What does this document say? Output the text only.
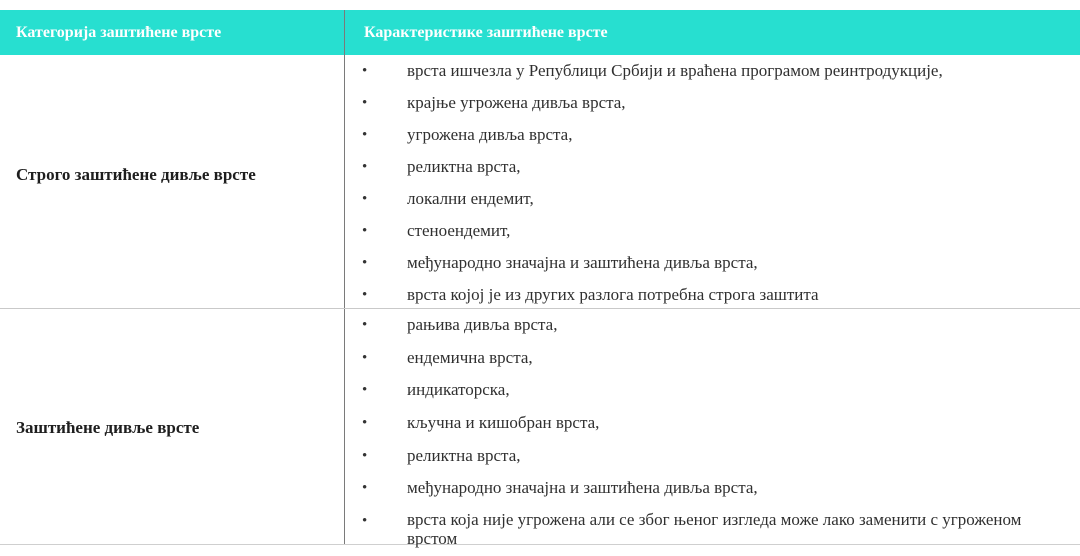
Категорија заштићене врсте	Карактеристике заштићене врсте
Строго заштићене дивље врсте
• врста ишчезла у Републици Србији и враћена програмом реинтродукције,
• крајње угрожена дивља врста,
• угрожена дивља врста,
• реликтна врста,
• локални ендемит,
• стеноендемит,
• међународно значајна и заштићена дивља врста,
• врста којој је из других разлога потребна строга заштита
Заштићене дивље врсте
• рањива дивља врста,
• ендемична врста,
• индикаторска,
• кључна и кишобран врста,
• реликтна врста,
• међународно значајна и заштићена дивља врста,
• врста која није угрожена али се због њеног изгледа може лако заменити с угроженом врстом
